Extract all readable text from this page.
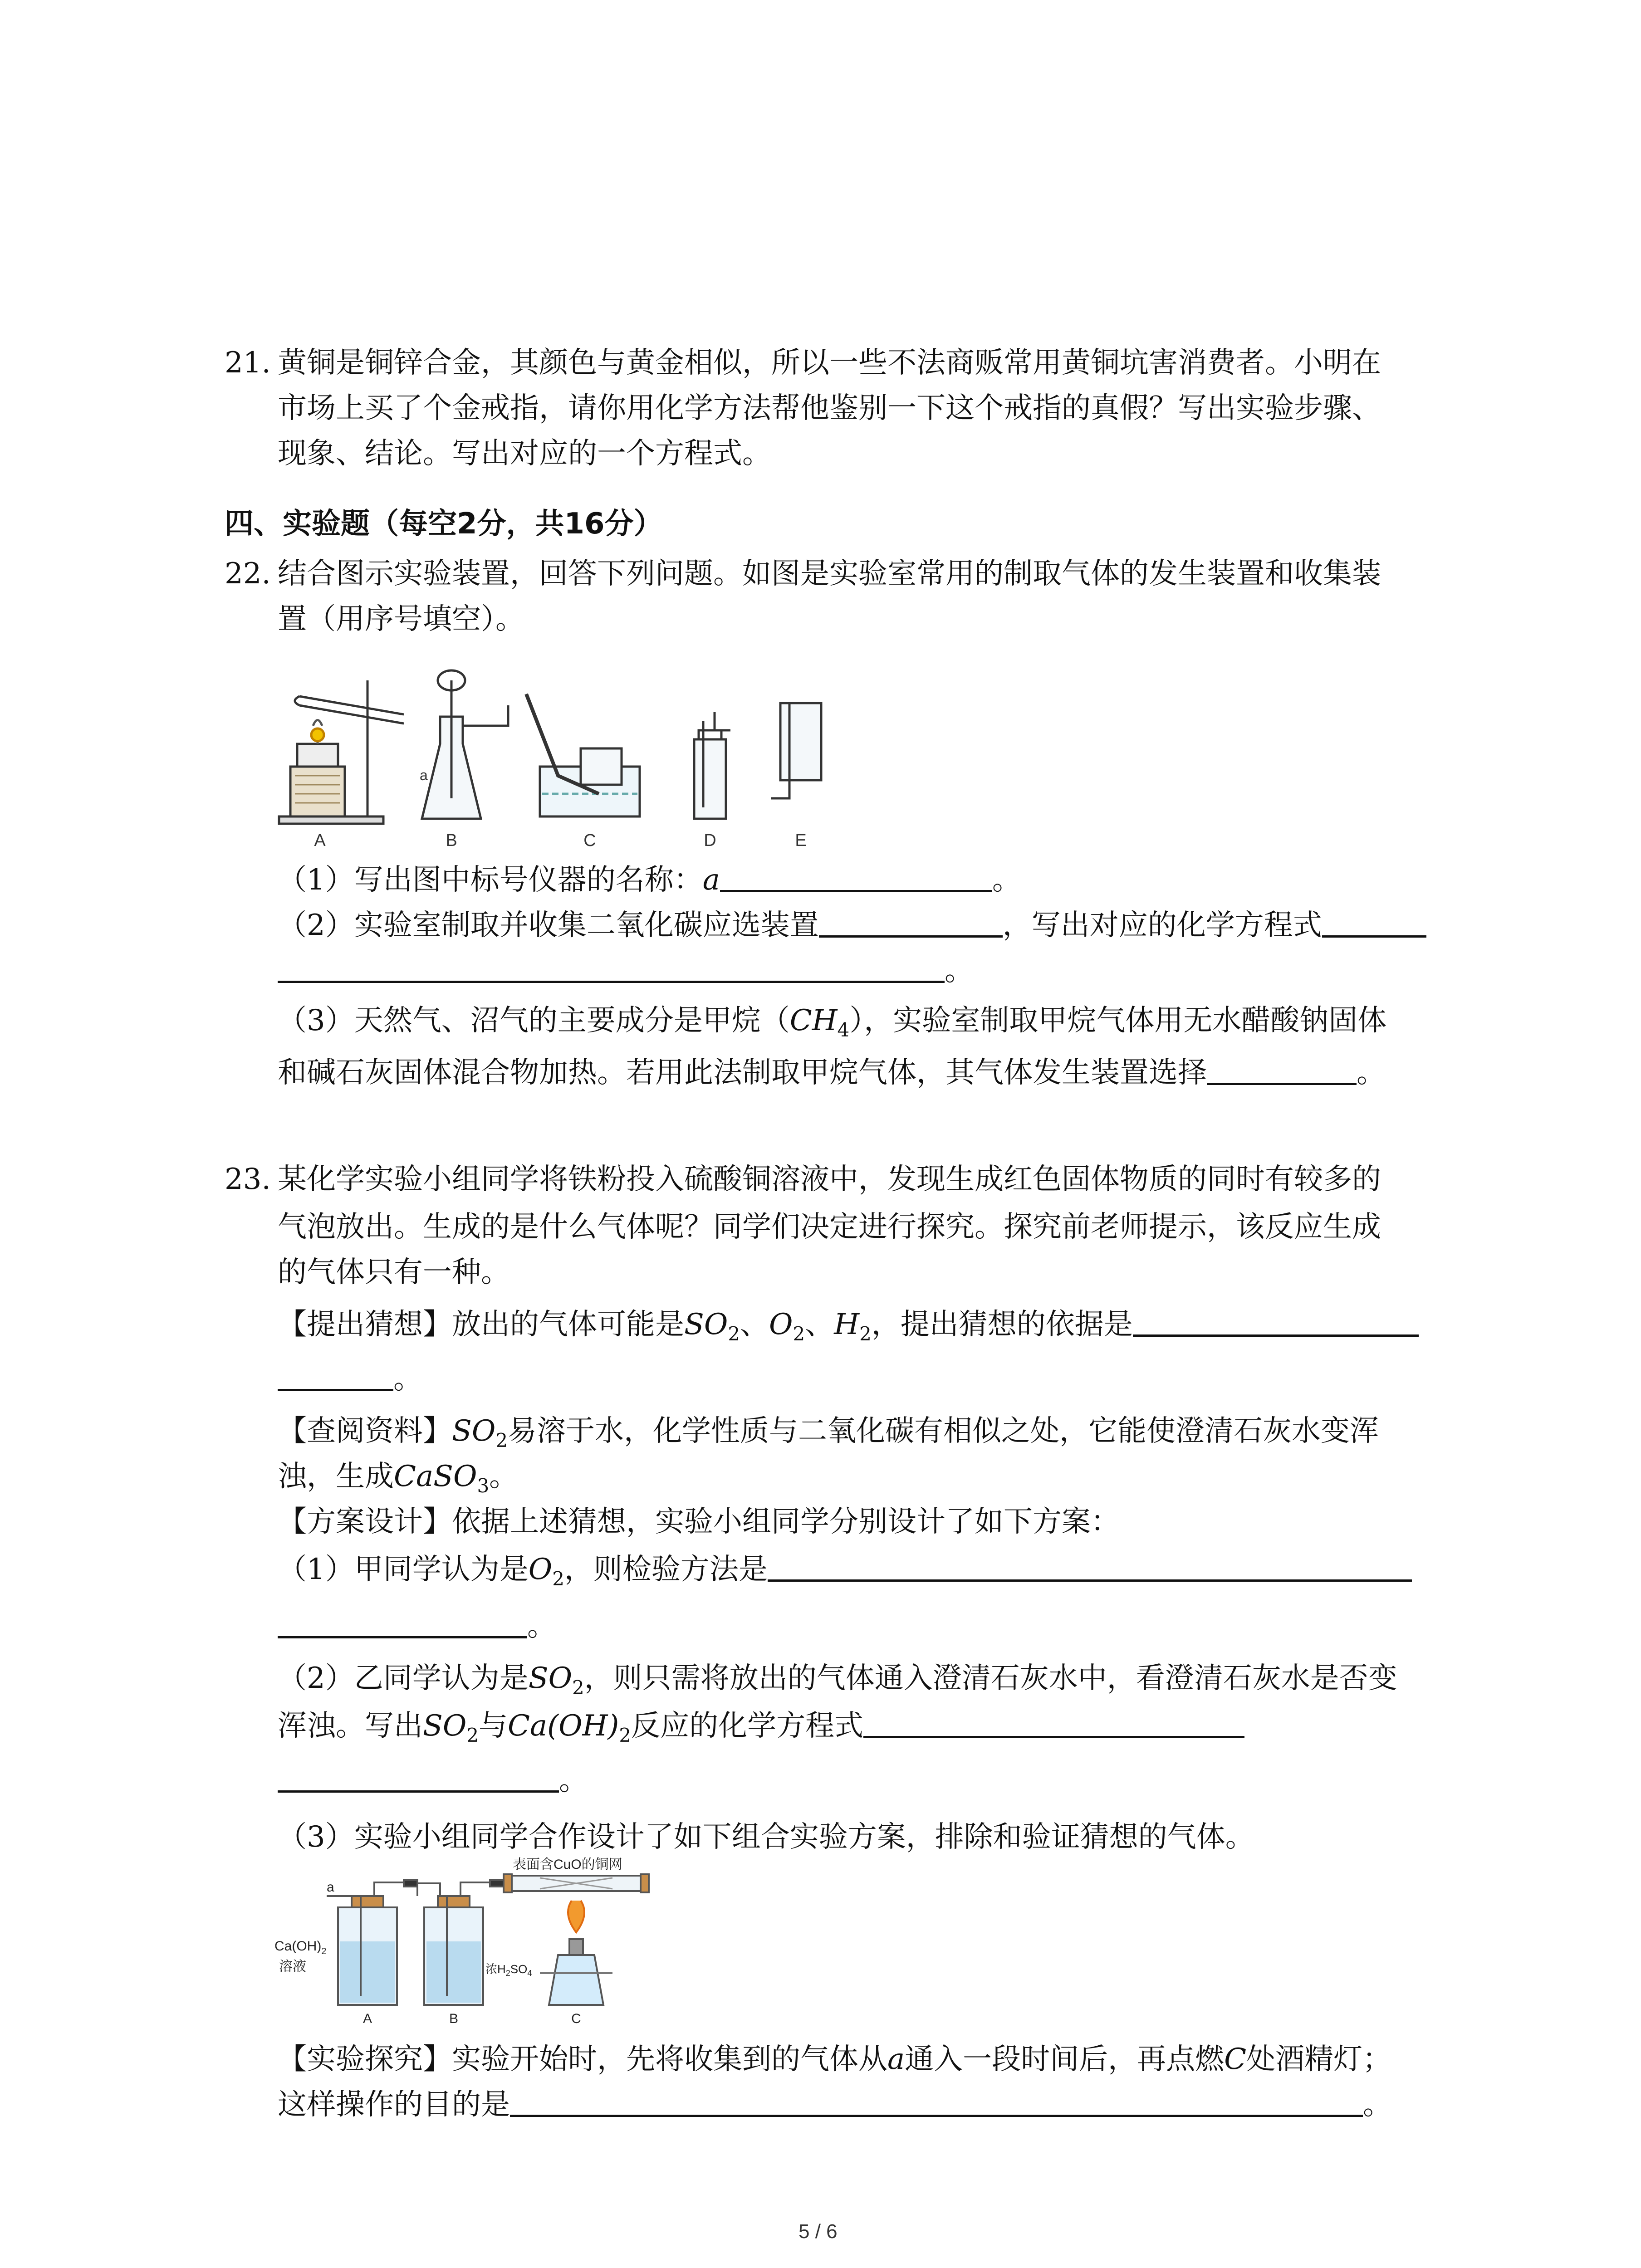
21. 黄铜是铜锌合金，其颜色与黄金相似，所以一些不法商贩常用黄铜坑害消费者。小明在
市场上买了个金戒指，请你用化学方法帮他鉴别一下这个戒指的真假？写出实验步骤、
现象、结论。写出对应的一个方程式。
四、实验题（每空2分，共16分）
22. 结合图示实验装置，回答下列问题。如图是实验室常用的制取气体的发生装置和收集装
置（用序号填空）。
A	B	C	D	E
a
（1）写出图中标号仪器的名称：a	。
（2）实验室制取并收集二氧化碳应选装置	，写出对应的化学方程式
。
（3）天然气、沼气的主要成分是甲烷$(CH_4)$，实验室制取甲烷气体用无水醋酸钠固体
和碱石灰固体混合物加热。若用此法制取甲烷气体，其气体发生装置选择	。
23. 某化学实验小组同学将铁粉投入硫酸铜溶液中，发现生成红色固体物质的同时有较多的
气泡放出。生成的是什么气体呢？同学们决定进行探究。探究前老师提示，该反应生成
的气体只有一种。
【提出猜想】放出的气体可能是$SO_2$、$O_2$、$H_2$，提出猜想的依据是
。
【查阅资料】$SO_2$易溶于水，化学性质与二氧化碳有相似之处，它能使澄清石灰水变浑
浊，生成CaSO$_3$。
【方案设计】依据上述猜想，实验小组同学分别设计了如下方案：
（1）甲同学认为是$O_2$，则检验方法是
。
（2）乙同学认为是$SO_2$，则只需将放出的气体通入澄清石灰水中，看澄清石灰水是否变
浑浊。写出$SO_2$与$Ca(OH)_2$反应的化学方程式
。
（3）实验小组同学合作设计了如下组合实验方案，排除和验证猜想的气体。
表面含CuO的铜网
a
$Ca(OH)_2$
溶液	浓$H_2SO_4$
A	B	C
【实验探究】实验开始时，先将收集到的气体从a通入一段时间后，再点燃C处酒精灯；
这样操作的目的是	。
5 / 6
